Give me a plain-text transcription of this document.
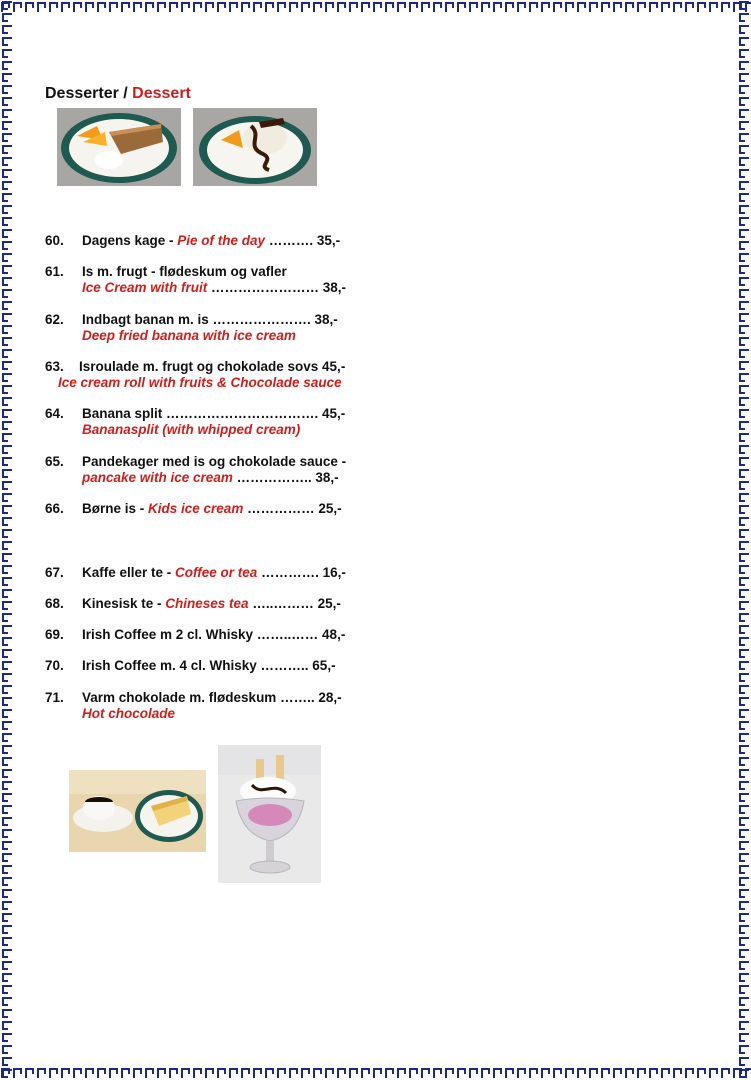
Desserter / Dessert
60. Dagens kage - Pie of the day ………. 35,-
61. Is m. frugt - flødeskum og vafler
Ice Cream with fruit …………………… 38,-
62. Indbagt banan m. is …………………. 38,-
Deep fried banana with ice cream
63. Isroulade m. frugt og chokolade sovs 45,-
Ice cream roll with fruits & Chocolade sauce
64. Banana split ……………………………. 45,-
Bananasplit (with whipped cream)
65. Pandekager med is og chokolade sauce -
pancake with ice cream …………….. 38,-
66. Børne is - Kids ice cream …………… 25,-
67. Kaffe eller te - Coffee or tea …………. 16,-
68. Kinesisk te - Chineses tea …..……… 25,-
69. Irish Coffee m 2 cl. Whisky ……..…… 48,-
70. Irish Coffee m. 4 cl. Whisky ……….. 65,-
71. Varm chokolade m. flødeskum …….. 28,-
Hot chocolade
